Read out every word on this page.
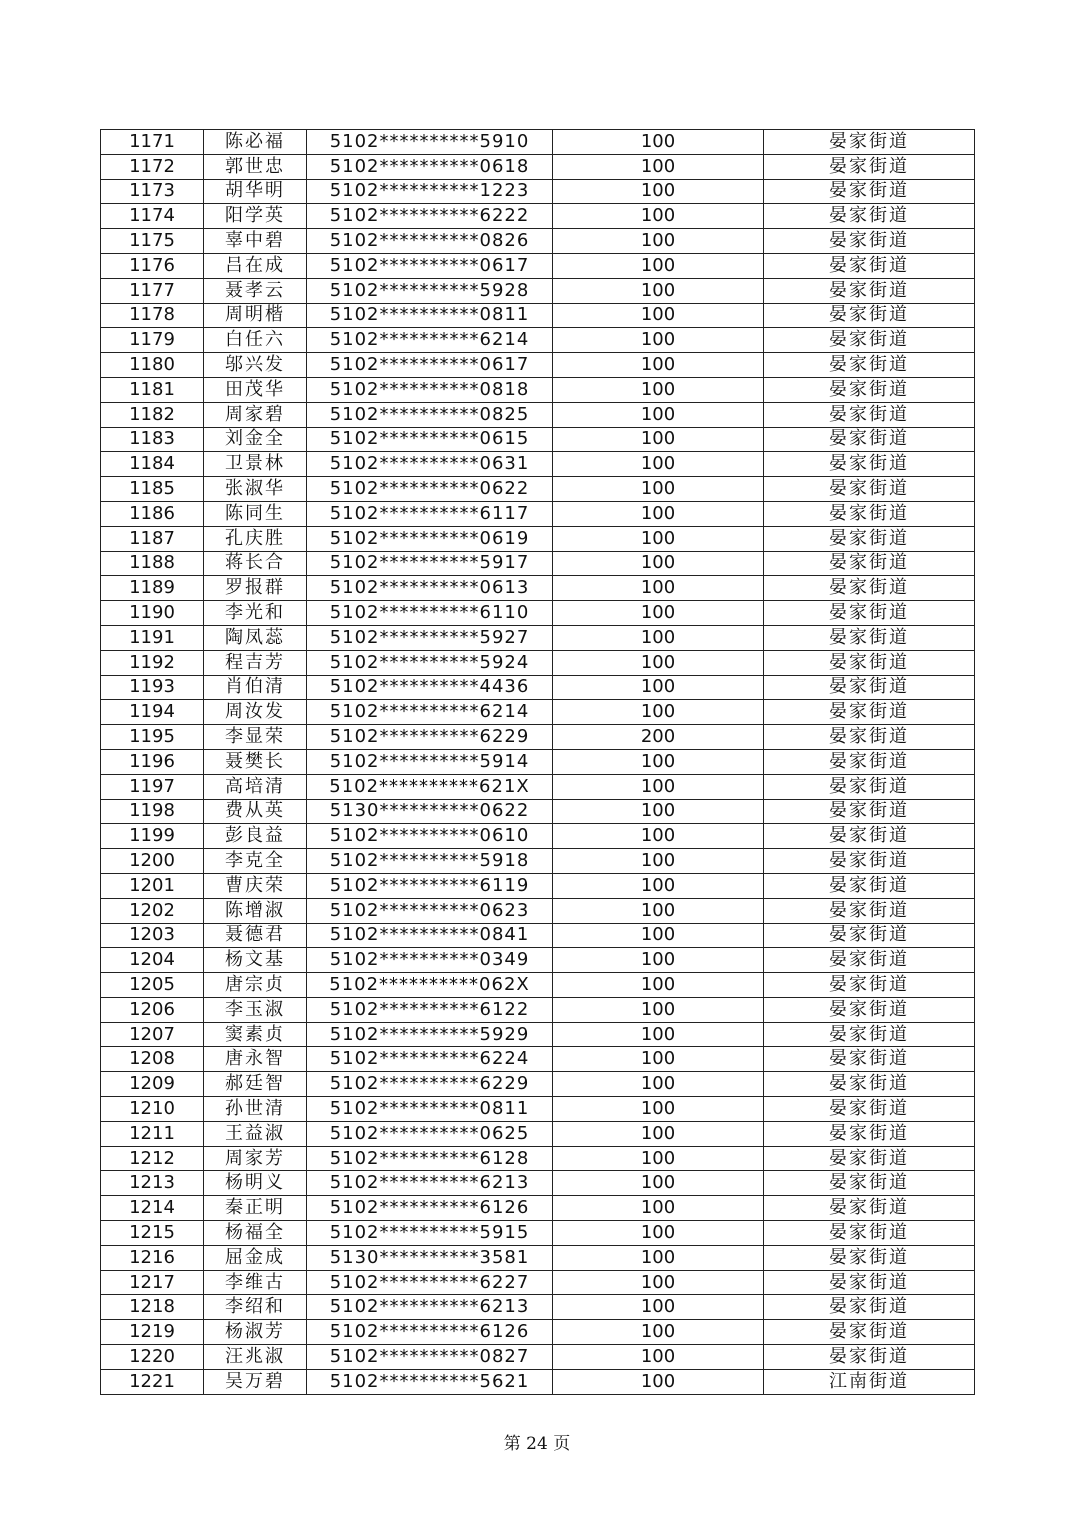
1171	陈必福	5102**********5910	100	晏家街道
1172	郭世忠	5102**********0618	100	晏家街道
1173	胡华明	5102**********1223	100	晏家街道
1174	阳学英	5102**********6222	100	晏家街道
1175	辜中碧	5102**********0826	100	晏家街道
1176	吕在成	5102**********0617	100	晏家街道
1177	聂孝云	5102**********5928	100	晏家街道
1178	周明楷	5102**********0811	100	晏家街道
1179	白任六	5102**********6214	100	晏家街道
1180	邬兴发	5102**********0617	100	晏家街道
1181	田茂华	5102**********0818	100	晏家街道
1182	周家碧	5102**********0825	100	晏家街道
1183	刘金全	5102**********0615	100	晏家街道
1184	卫景林	5102**********0631	100	晏家街道
1185	张淑华	5102**********0622	100	晏家街道
1186	陈同生	5102**********6117	100	晏家街道
1187	孔庆胜	5102**********0619	100	晏家街道
1188	蒋长合	5102**********5917	100	晏家街道
1189	罗报群	5102**********0613	100	晏家街道
1190	李光和	5102**********6110	100	晏家街道
1191	陶凤蕊	5102**********5927	100	晏家街道
1192	程吉芳	5102**********5924	100	晏家街道
1193	肖伯清	5102**********4436	100	晏家街道
1194	周汝发	5102**********6214	100	晏家街道
1195	李显荣	5102**********6229	200	晏家街道
1196	聂樊长	5102**********5914	100	晏家街道
1197	高培清	5102**********621X	100	晏家街道
1198	费从英	5130**********0622	100	晏家街道
1199	彭良益	5102**********0610	100	晏家街道
1200	李克全	5102**********5918	100	晏家街道
1201	曹庆荣	5102**********6119	100	晏家街道
1202	陈增淑	5102**********0623	100	晏家街道
1203	聂德君	5102**********0841	100	晏家街道
1204	杨文基	5102**********0349	100	晏家街道
1205	唐宗贞	5102**********062X	100	晏家街道
1206	李玉淑	5102**********6122	100	晏家街道
1207	窦素贞	5102**********5929	100	晏家街道
1208	唐永智	5102**********6224	100	晏家街道
1209	郝廷智	5102**********6229	100	晏家街道
1210	孙世清	5102**********0811	100	晏家街道
1211	王益淑	5102**********0625	100	晏家街道
1212	周家芳	5102**********6128	100	晏家街道
1213	杨明义	5102**********6213	100	晏家街道
1214	秦正明	5102**********6126	100	晏家街道
1215	杨福全	5102**********5915	100	晏家街道
1216	屈金成	5130**********3581	100	晏家街道
1217	李维古	5102**********6227	100	晏家街道
1218	李绍和	5102**********6213	100	晏家街道
1219	杨淑芳	5102**********6126	100	晏家街道
1220	汪兆淑	5102**********0827	100	晏家街道
1221	吴万碧	5102**********5621	100	江南街道
第 24 页
